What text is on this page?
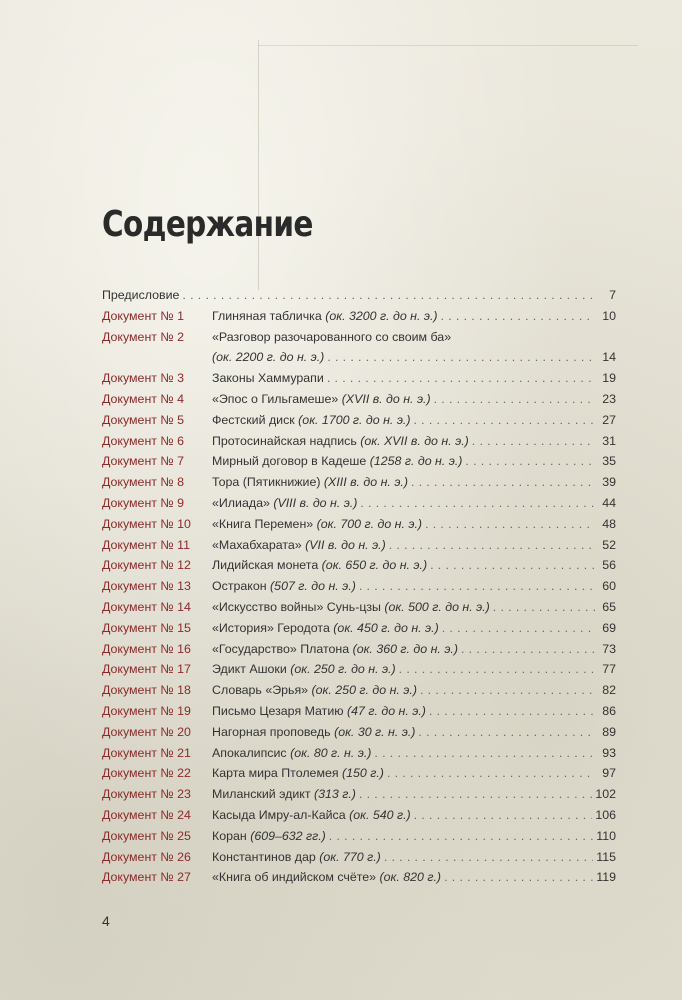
Содержание
Предисловие . . .	7
Документ № 1	Глиняная табличка (ок. 3200 г. до н. э.) . . .	10
Документ № 2	«Разговор разочарованного со своим ба»
(ок. 2200 г. до н. э.) . . .	14
Документ № 3	Законы Хаммурапи . . .	19
Документ № 4	«Эпос о Гильгамеше» (XVII в. до н. э.) . . .	23
Документ № 5	Фестский диск (ок. 1700 г. до н. э.) . . .	27
Документ № 6	Протосинайская надпись (ок. XVII в. до н. э.) . . .	31
Документ № 7	Мирный договор в Кадеше (1258 г. до н. э.) . . .	35
Документ № 8	Тора (Пятикнижие) (XIII в. до н. э.) . . .	39
Документ № 9	«Илиада» (VIII в. до н. э.) . . .	44
Документ № 10	«Книга Перемен» (ок. 700 г. до н. э.) . . .	48
Документ № 11	«Махабхарата» (VII в. до н. э.) . . .	52
Документ № 12	Лидийская монета (ок. 650 г. до н. э.) . . .	56
Документ № 13	Остракон (507 г. до н. э.) . . .	60
Документ № 14	«Искусство войны» Сунь-цзы (ок. 500 г. до н. э.) . . .	65
Документ № 15	«История» Геродота (ок. 450 г. до н. э.) . . .	69
Документ № 16	«Государство» Платона (ок. 360 г. до н. э.) . . .	73
Документ № 17	Эдикт Ашоки (ок. 250 г. до н. э.) . . .	77
Документ № 18	Словарь «Эрья» (ок. 250 г. до н. э.) . . .	82
Документ № 19	Письмо Цезаря Матию (47 г. до н. э.) . . .	86
Документ № 20	Нагорная проповедь (ок. 30 г. н. э.) . . .	89
Документ № 21	Апокалипсис (ок. 80 г. н. э.) . . .	93
Документ № 22	Карта мира Птолемея (150 г.) . . .	97
Документ № 23	Миланский эдикт (313 г.) . . .	102
Документ № 24	Касыда Имру-ал-Кайса (ок. 540 г.) . . .	106
Документ № 25	Коран (609–632 гг.) . . .	110
Документ № 26	Константинов дар (ок. 770 г.) . . .	115
Документ № 27	«Книга об индийском счёте» (ок. 820 г.) . . .	119
4
